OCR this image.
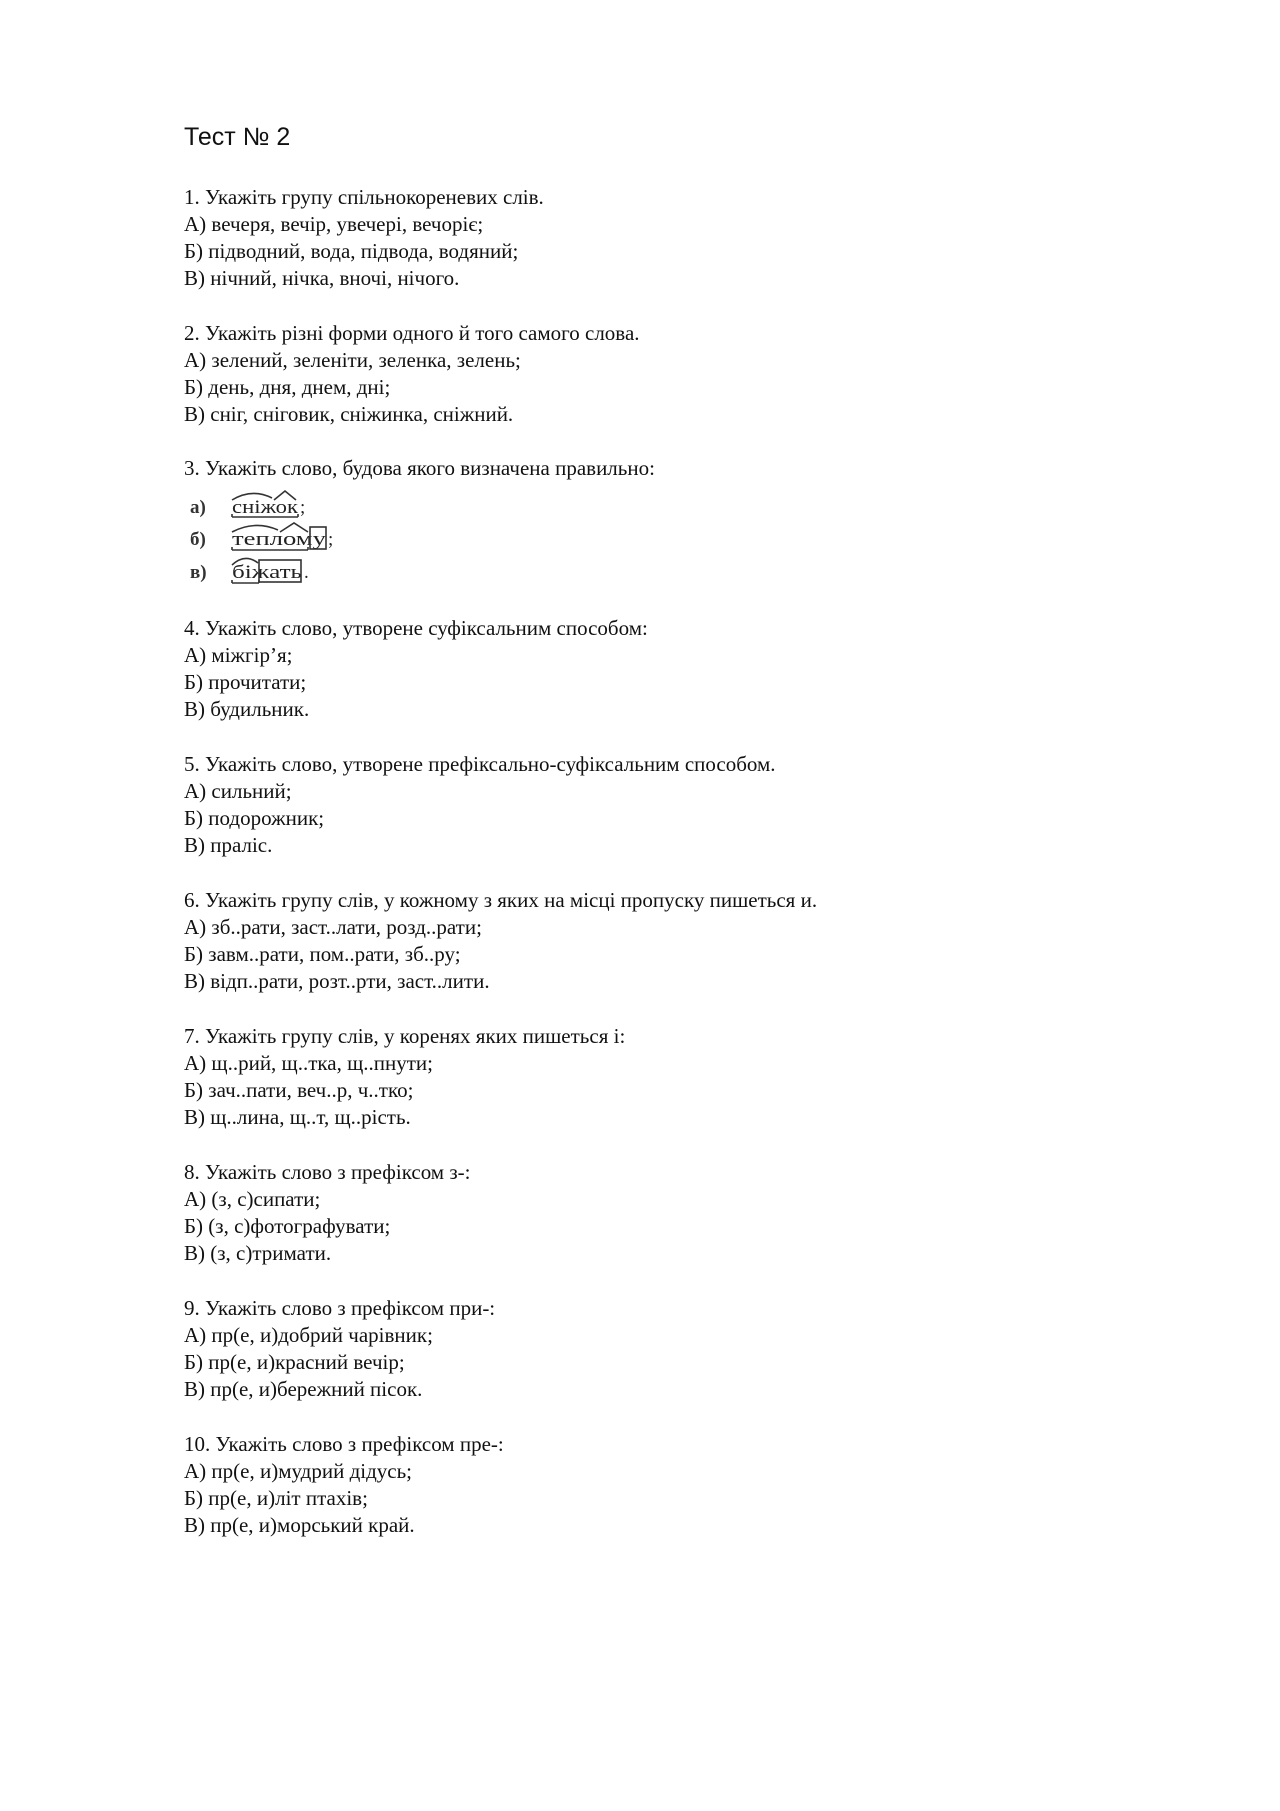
Тест № 2

1. Укажіть групу спільнокореневих слів.

А) вечеря, вечір, увечері, вечоріє;

Б) підводний, вода, підвода, водяний;

В) нічний, нічка, вночі, нічого.

2. Укажіть різні форми одного й того самого слова.

А) зелений, зеленіти, зеленка, зелень;

Б) день, дня, днем, дні;

В) сніг, сніговик, сніжинка, сніжний.

3. Укажіть слово, будова якого визначена правильно:

а) сніжок ;
б) тепломy ;
в) біжать .

4. Укажіть слово, утворене суфіксальним способом:

А) міжгір’я;

Б) прочитати;

В) будильник.

5. Укажіть слово, утворене префіксально-суфіксальним способом.

А) сильний;

Б) подорожник;

В) праліс.

6. Укажіть групу слів, у кожному з яких на місці пропуску пишеться и.

А) зб..рати, заст..лати, розд..рати;

Б) завм..рати, пом..рати, зб..ру;

В) відп..рати, розт..рти, заст..лити.

7. Укажіть групу слів, у коренях яких пишеться і:

А) щ..рий, щ..тка, щ..пнути;

Б) зач..пати, веч..р, ч..тко;

В) щ..лина, щ..т, щ..рість.

8. Укажіть слово з префіксом з-:

А) (з, с)сипати;

Б) (з, с)фотографувати;

В) (з, с)тримати.

9. Укажіть слово з префіксом при-:

А) пр(е, и)добрий чарівник;

Б) пр(е, и)красний вечір;

В) пр(е, и)бережний пісок.

10. Укажіть слово з префіксом пре-:

А) пр(е, и)мудрий дідусь;

Б) пр(е, и)літ птахів;

В) пр(е, и)морський край.
